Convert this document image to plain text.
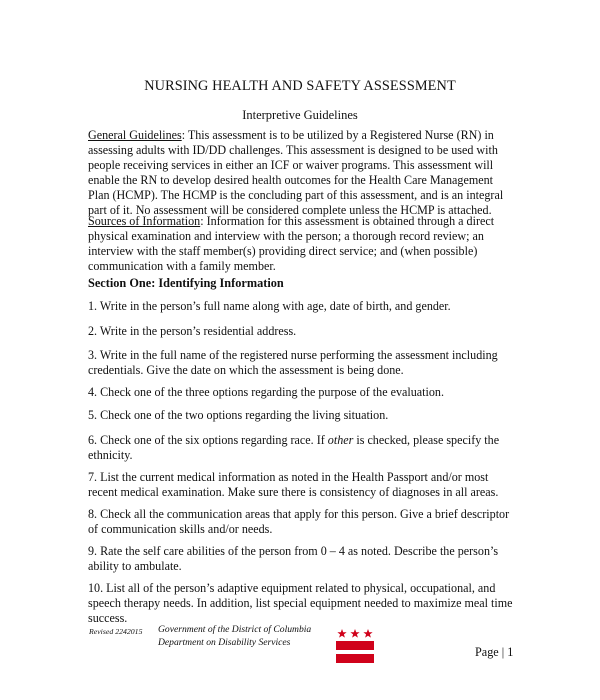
NURSING HEALTH AND SAFETY ASSESSMENT
Interpretive Guidelines

General Guidelines: This assessment is to be utilized by a Registered Nurse (RN) in assessing adults with ID/DD challenges. This assessment is designed to be used with people receiving services in either an ICF or waiver programs. This assessment will enable the RN to develop desired health outcomes for the Health Care Management Plan (HCMP). The HCMP is the concluding part of this assessment, and is an integral part of it. No assessment will be considered complete unless the HCMP is attached.

Sources of Information: Information for this assessment is obtained through a direct physical examination and interview with the person; a thorough record review; an interview with the staff member(s) providing direct service; and (when possible) communication with a family member.

Section One: Identifying Information

1. Write in the person’s full name along with age, date of birth, and gender.

2. Write in the person’s residential address.

3. Write in the full name of the registered nurse performing the assessment including credentials. Give the date on which the assessment is being done.

4. Check one of the three options regarding the purpose of the evaluation.

5. Check one of the two options regarding the living situation.

6. Check one of the six options regarding race. If other is checked, please specify the ethnicity.

7. List the current medical information as noted in the Health Passport and/or most recent medical examination. Make sure there is consistency of diagnoses in all areas.

8. Check all the communication areas that apply for this person. Give a brief descriptor of communication skills and/or needs.

9. Rate the self care abilities of the person from 0 – 4 as noted. Describe the person’s ability to ambulate.

10. List all of the person’s adaptive equipment related to physical, occupational, and speech therapy needs. In addition, list special equipment needed to maximize meal time success.

Revised 2242015 Government of the District of Columbia
Department on Disability Services
Page | 1
